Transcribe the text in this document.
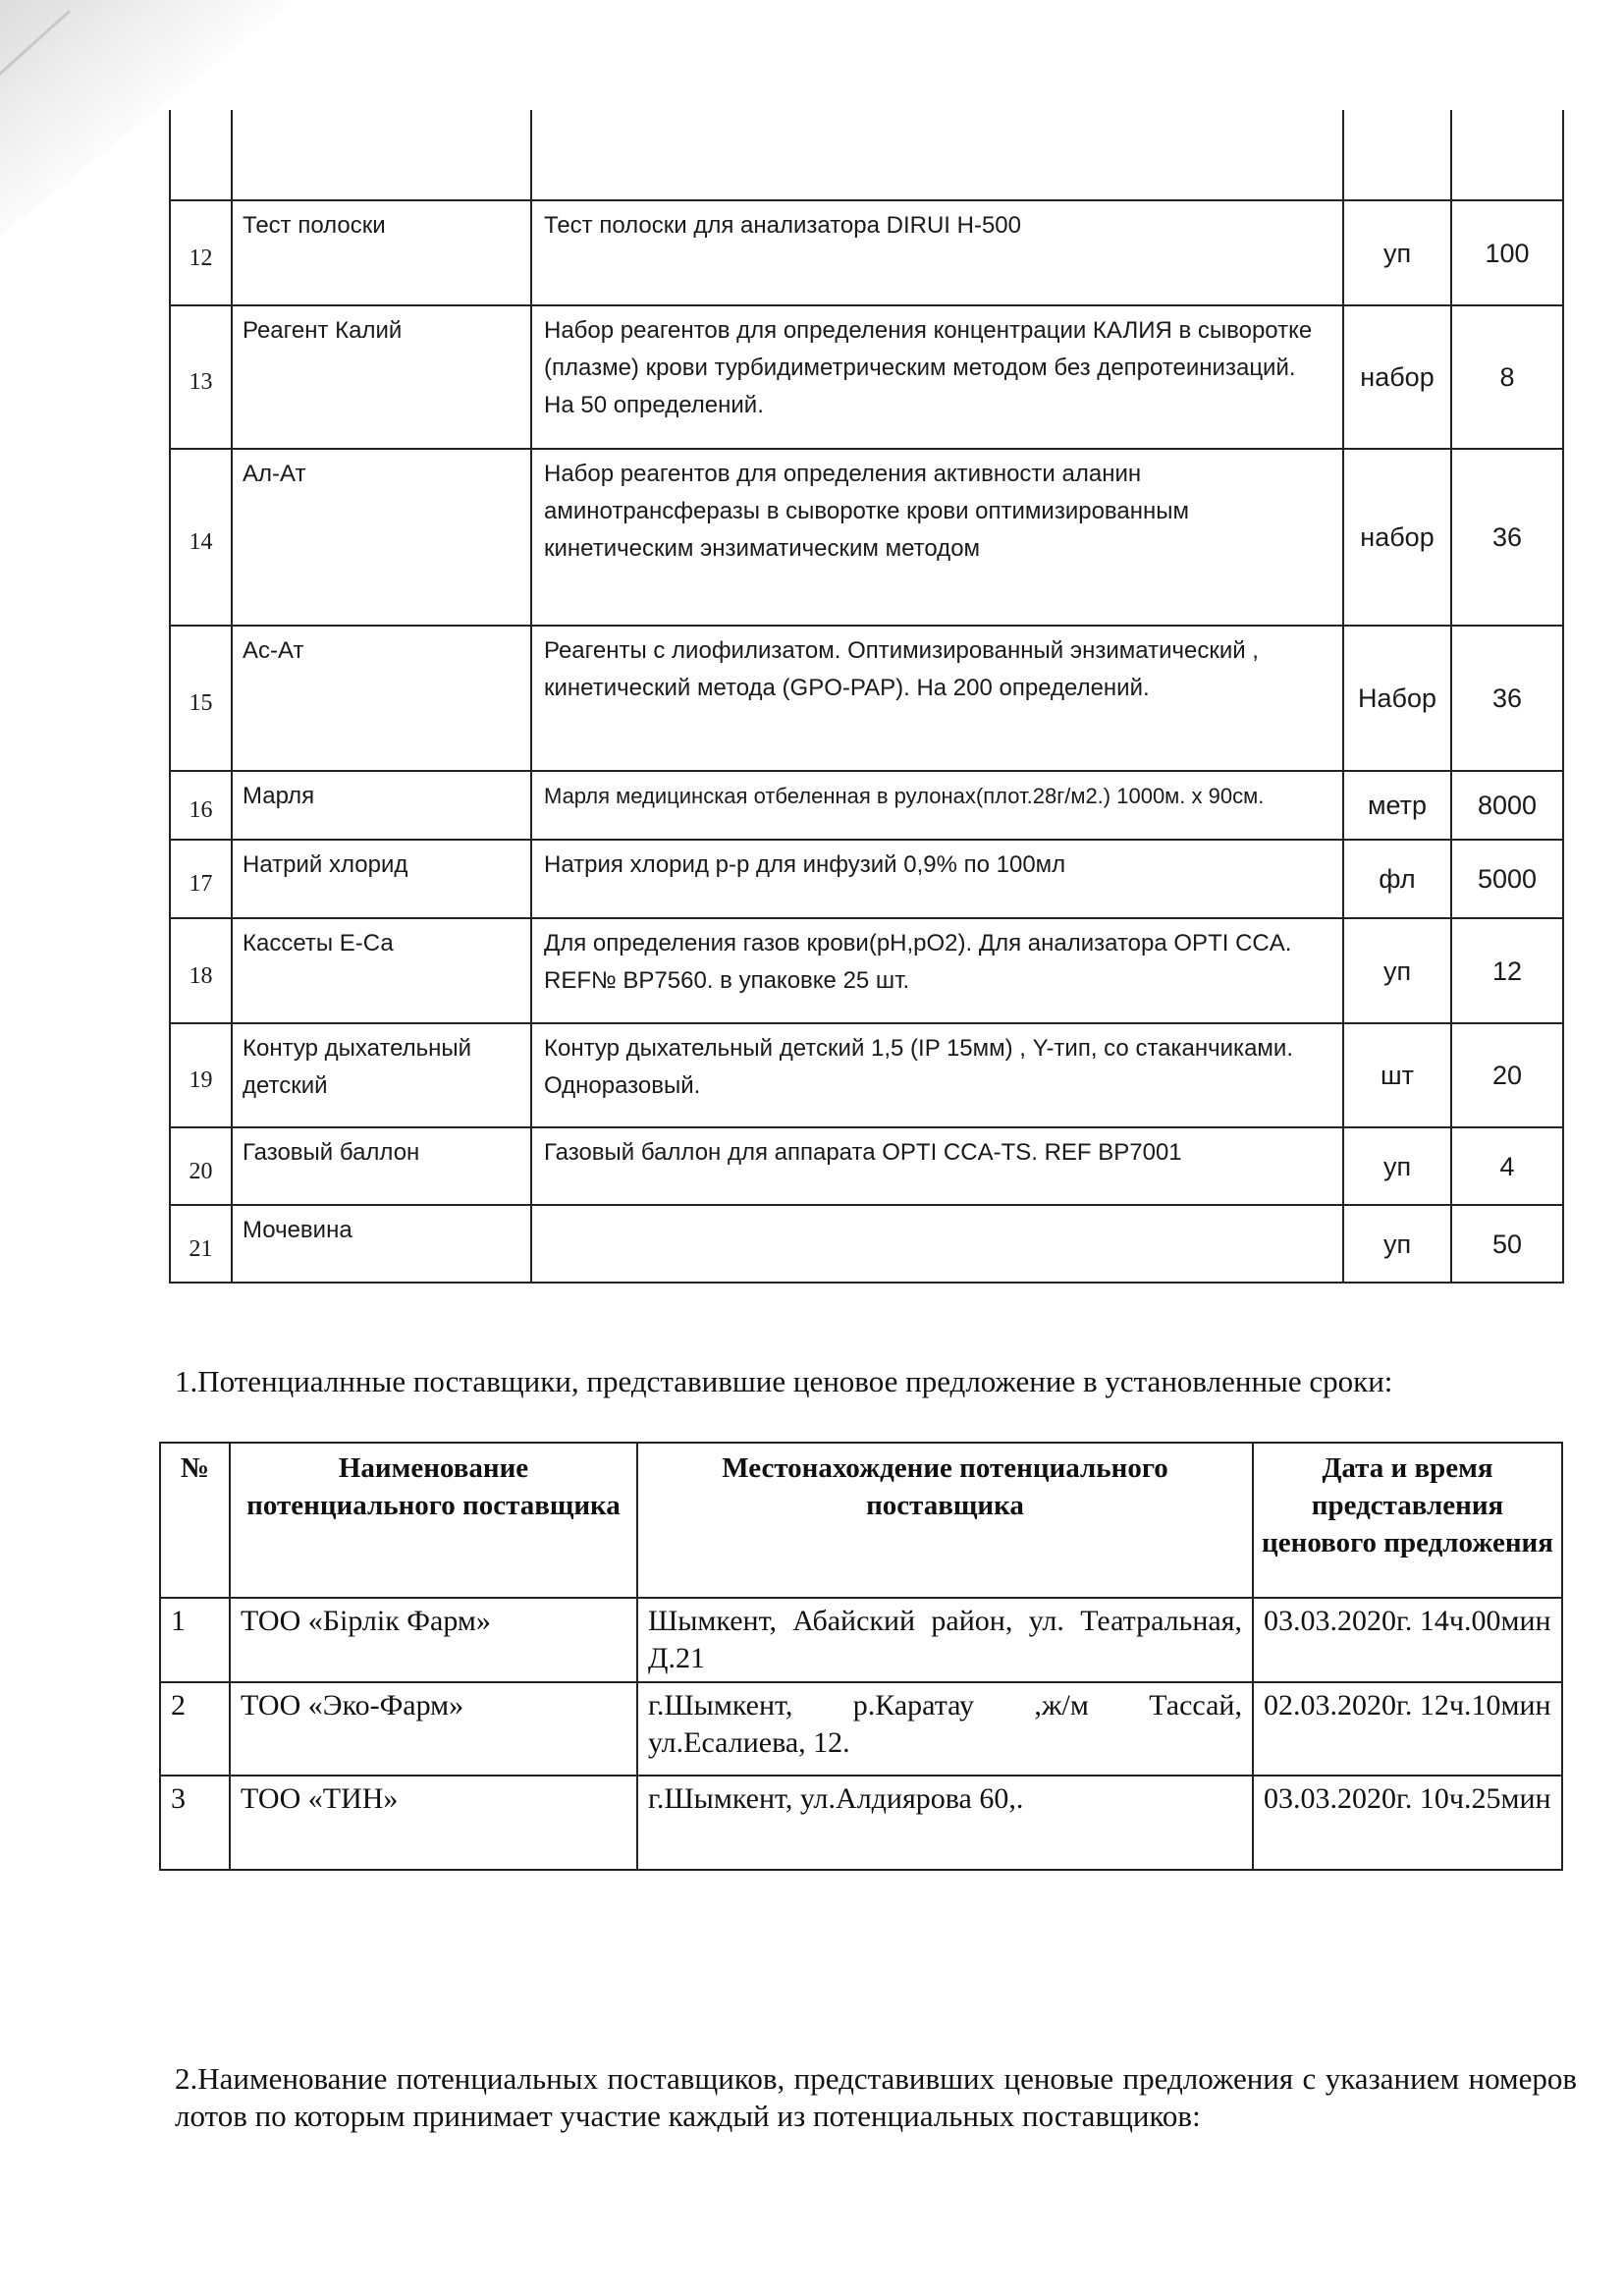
12	Тест полоски	Тест полоски для анализатора DIRUI H-500	уп	100
13	Реагент Калий	Набор реагентов для определения концентрации КАЛИЯ в сыворотке (плазме) крови турбидиметрическим методом без депротеинизаций. На 50 определений.	набор	8
14	Ал-Ат	Набор реагентов для определения активности аланин аминотрансферазы в сыворотке крови оптимизированным кинетическим энзиматическим методом	набор	36
15	Ас-Ат	Реагенты с лиофилизатом. Оптимизированный энзиматический , кинетический метода (GPO-PAP). На 200 определений.	Набор	36
16	Марля	Марля медицинская отбеленная в рулонах(плот.28г/м2.) 1000м. х 90см.	метр	8000
17	Натрий хлорид	Натрия хлорид р-р для инфузий 0,9% по 100мл	фл	5000
18	Кассеты Е-Са	Для определения газов крови(pH,pO2). Для анализатора OPTI CCA. REF№ BP7560. в упаковке 25 шт.	уп	12
19	Контур дыхательный детский	Контур дыхательный детский 1,5 (IP 15мм) , Y-тип, со стаканчиками. Одноразовый.	шт	20
20	Газовый баллон	Газовый баллон для аппарата OPTI CCA-TS. REF BP7001	уп	4
21	Мочевина		уп	50
1.Потенциалнные поставщики, представившие ценовое предложение в установленные сроки:
№	Наименование потенциального поставщика	Местонахождение потенциального поставщика	Дата и время представления ценового предложения
1	ТОО «Бірлік Фарм»	Шымкент, Абайский район, ул. Театральная, Д.21	03.03.2020г. 14ч.00мин
2	ТОО «Эко-Фарм»	г.Шымкент, р.Каратау ,ж/м Тассай, ул.Есалиева, 12.	02.03.2020г. 12ч.10мин
3	ТОО «ТИН»	г.Шымкент, ул.Алдиярова 60,.	03.03.2020г. 10ч.25мин
2.Наименование потенциальных поставщиков, представивших ценовые предложения с указанием номеров лотов по которым принимает участие каждый из потенциальных поставщиков:
